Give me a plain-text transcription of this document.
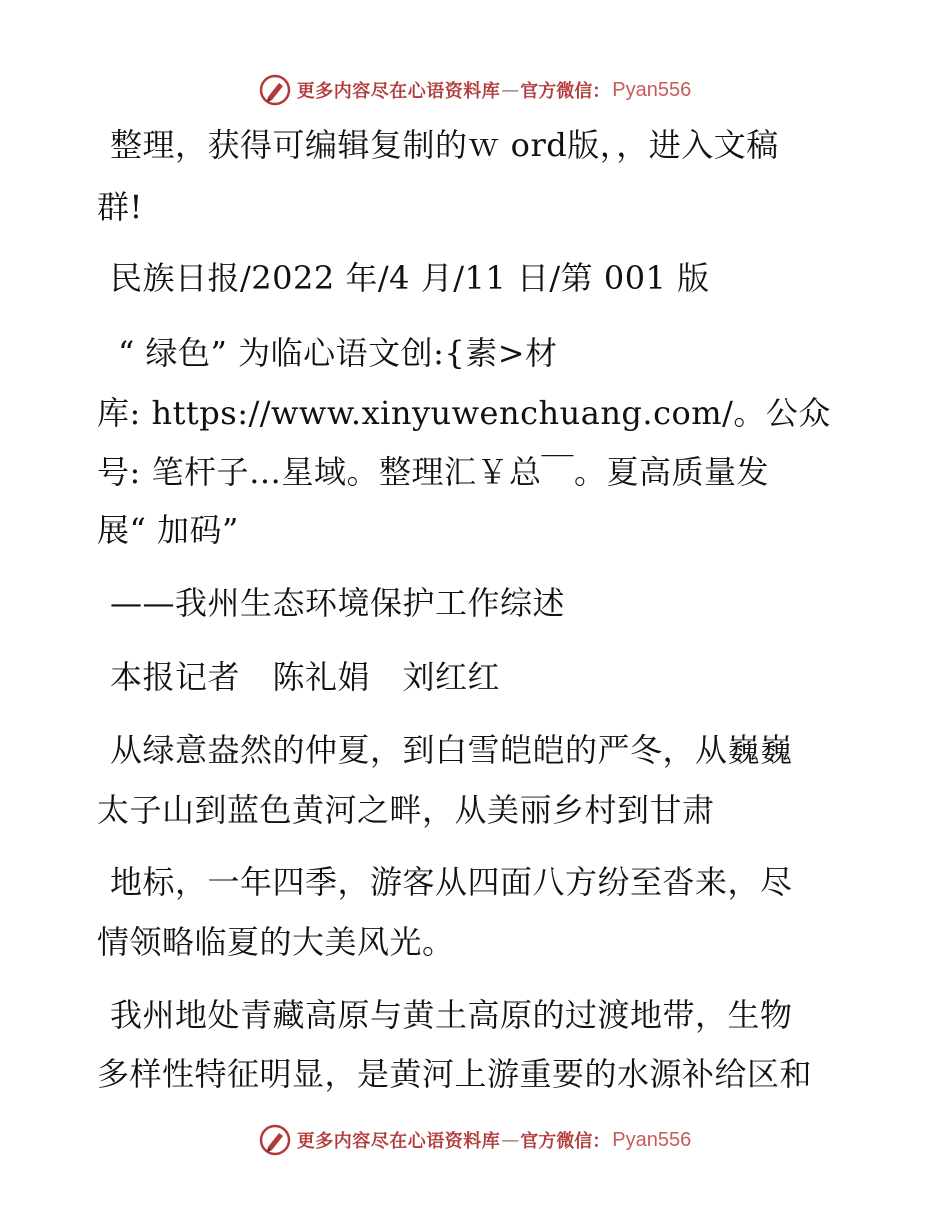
更多内容尽在心语资料库 — 官方微信： Pyan556
整理，获得可编辑复制的ｗ ord版，，进入文稿
群!
民族日报/2022 年/4 月/11 日/第 001 版
“ 绿色” 为临心语文创:{素>材
库: https://www.xinyuwenchuang.com/。公众
号: 笔杆子…星域。整理汇￥总￣。夏高质量发
展“ 加码”
——我州生态环境保护工作综述
本报记者　陈礼娟　刘红红
从绿意盎然的仲夏，到白雪皑皑的严冬，从巍巍
太子山到蓝色黄河之畔，从美丽乡村到甘肃
地标，一年四季，游客从四面八方纷至沓来，尽
情领略临夏的大美风光。
我州地处青藏高原与黄土高原的过渡地带，生物
多样性特征明显，是黄河上游重要的水源补给区和
更多内容尽在心语资料库 — 官方微信： Pyan556
